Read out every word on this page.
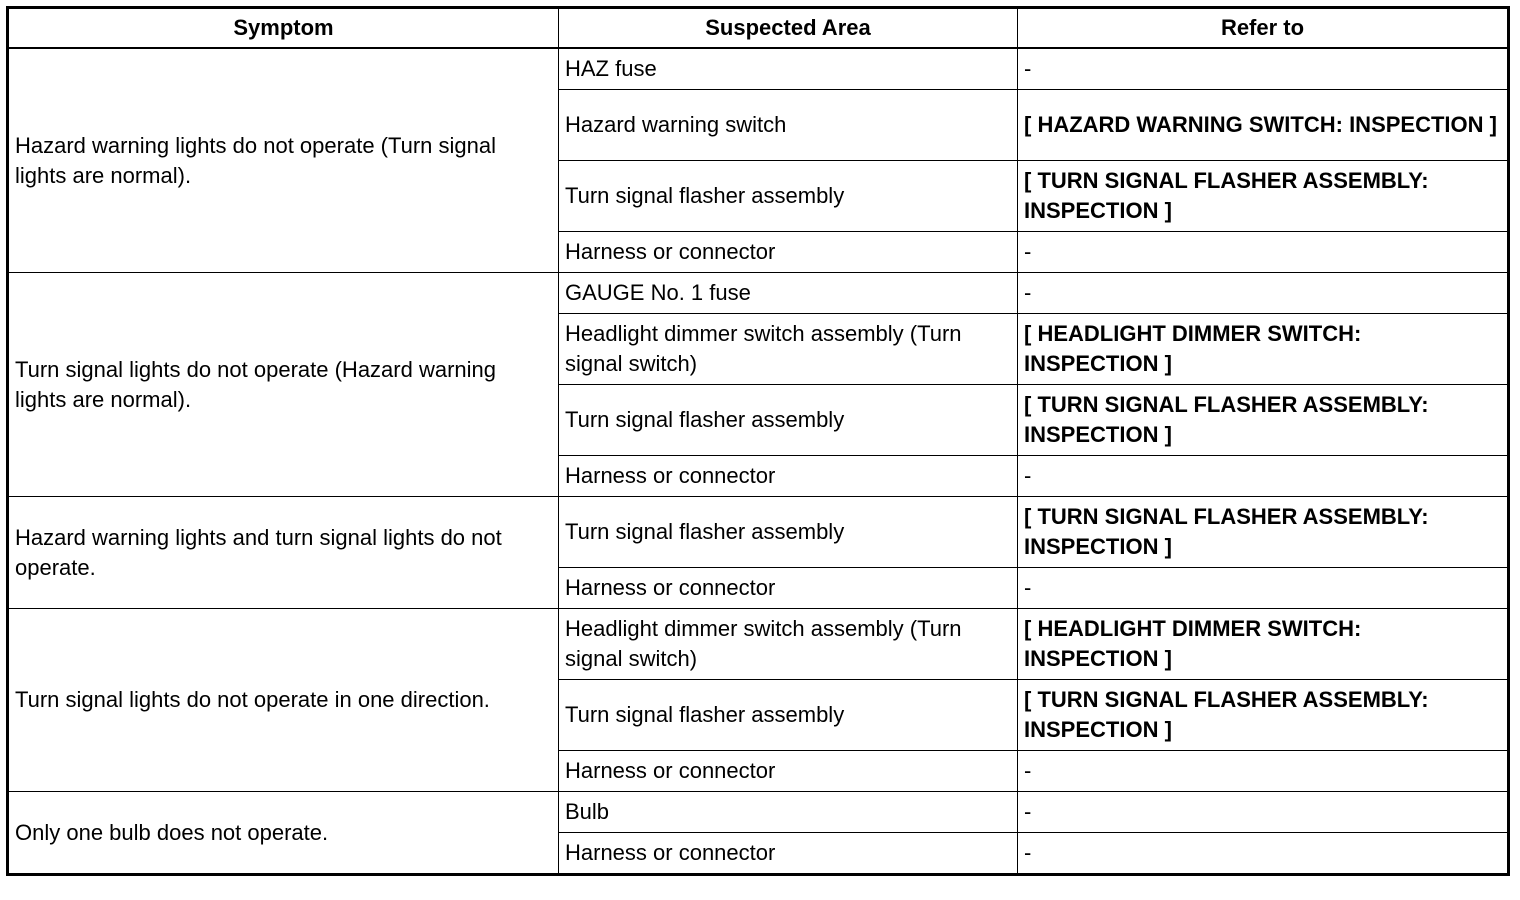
Symptom	Suspected Area	Refer to
Hazard warning lights do not operate (Turn signal lights are normal).	HAZ fuse	-
	Hazard warning switch	[ HAZARD WARNING SWITCH: INSPECTION ]
	Turn signal flasher assembly	[ TURN SIGNAL FLASHER ASSEMBLY: INSPECTION ]
	Harness or connector	-
Turn signal lights do not operate (Hazard warning lights are normal).	GAUGE No. 1 fuse	-
	Headlight dimmer switch assembly (Turn signal switch)	[ HEADLIGHT DIMMER SWITCH: INSPECTION ]
	Turn signal flasher assembly	[ TURN SIGNAL FLASHER ASSEMBLY: INSPECTION ]
	Harness or connector	-
Hazard warning lights and turn signal lights do not operate.	Turn signal flasher assembly	[ TURN SIGNAL FLASHER ASSEMBLY: INSPECTION ]
	Harness or connector	-
Turn signal lights do not operate in one direction.	Headlight dimmer switch assembly (Turn signal switch)	[ HEADLIGHT DIMMER SWITCH: INSPECTION ]
	Turn signal flasher assembly	[ TURN SIGNAL FLASHER ASSEMBLY: INSPECTION ]
	Harness or connector	-
Only one bulb does not operate.	Bulb	-
	Harness or connector	-
